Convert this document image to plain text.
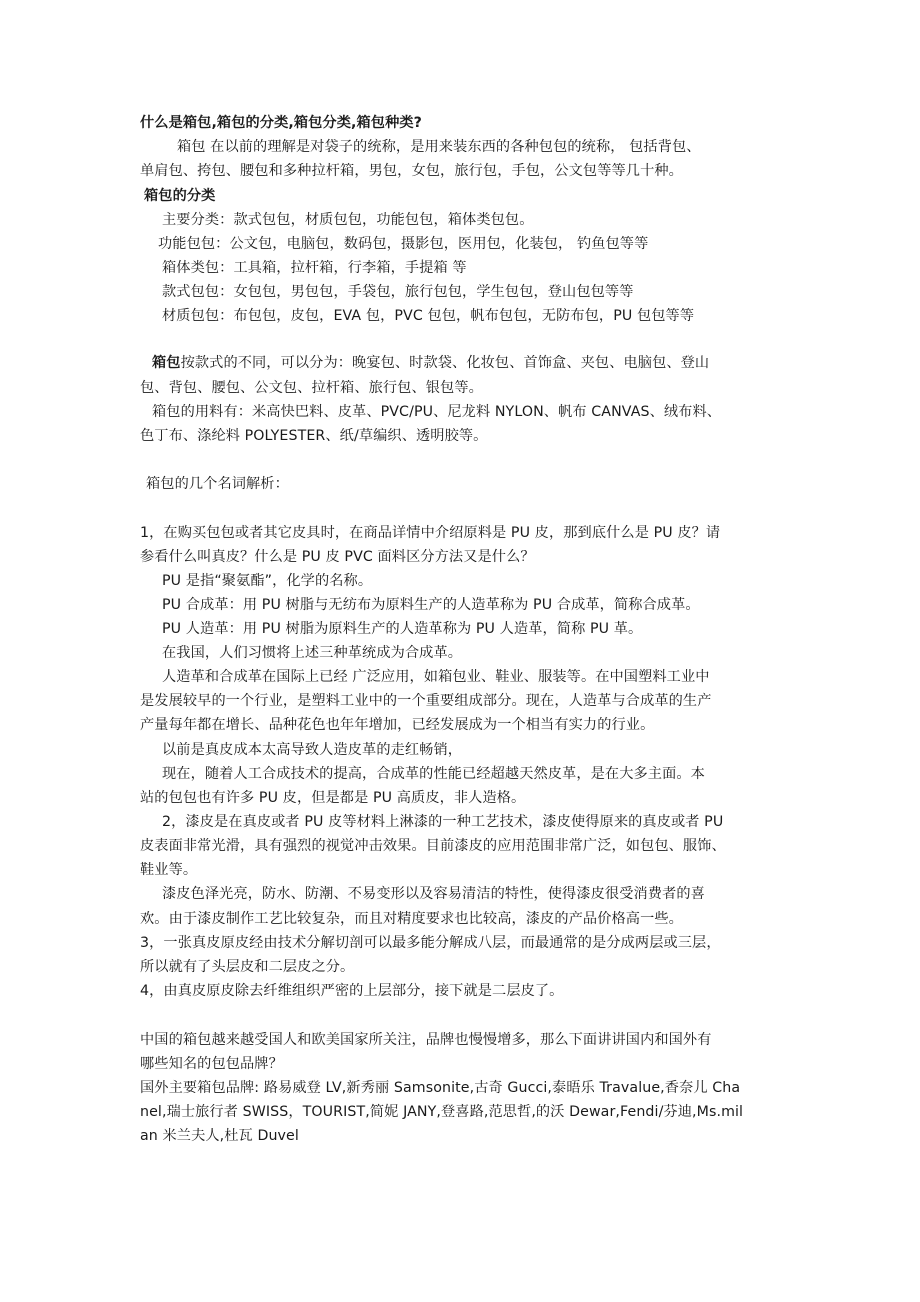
什么是箱包,箱包的分类,箱包分类,箱包种类?

箱包 在以前的理解是对袋子的统称，是用来装东西的各种包包的统称， 包括背包、

单肩包、挎包、腰包和多种拉杆箱，男包，女包，旅行包，手包，公文包等等几十种。

箱包的分类

主要分类：款式包包，材质包包，功能包包，箱体类包包。

功能包包：公文包，电脑包，数码包，摄影包，医用包，化装包， 钓鱼包等等

箱体类包：工具箱，拉杆箱，行李箱，手提箱 等

款式包包：女包包，男包包，手袋包，旅行包包，学生包包，登山包包等等

材质包包：布包包，皮包，EVA 包，PVC 包包，帆布包包，无防布包，PU 包包等等

箱包按款式的不同，可以分为：晚宴包、时款袋、化妆包、首饰盒、夹包、电脑包、登山

包、背包、腰包、公文包、拉杆箱、旅行包、银包等。

箱包的用料有：米高快巴料、皮革、PVC/PU、尼龙料 NYLON、帆布 CANVAS、绒布料、

色丁布、涤纶料 POLYESTER、纸/草编织、透明胶等。

箱包的几个名词解析：

1，在购买包包或者其它皮具时，在商品详情中介绍原料是 PU 皮，那到底什么是 PU 皮？请

参看什么叫真皮？什么是 PU 皮 PVC 面料区分方法又是什么？

PU 是指“聚氨酯”，化学的名称。

PU 合成革：用 PU 树脂与无纺布为原料生产的人造革称为 PU 合成革，简称合成革。

PU 人造革：用 PU 树脂为原料生产的人造革称为 PU 人造革，简称 PU 革。

在我国，人们习惯将上述三种革统成为合成革。

人造革和合成革在国际上已经 广泛应用，如箱包业、鞋业、服装等。在中国塑料工业中

是发展较早的一个行业，是塑料工业中的一个重要组成部分。现在，人造革与合成革的生产

产量每年都在增长、品种花色也年年增加，已经发展成为一个相当有实力的行业。

以前是真皮成本太高导致人造皮革的走红畅销，

现在，随着人工合成技术的提高，合成革的性能已经超越天然皮革，是在大多主面。本

站的包包也有许多 PU 皮，但是都是 PU 高质皮，非人造格。

2，漆皮是在真皮或者 PU 皮等材料上淋漆的一种工艺技术，漆皮使得原来的真皮或者 PU

皮表面非常光滑，具有强烈的视觉冲击效果。目前漆皮的应用范围非常广泛，如包包、服饰、

鞋业等。

漆皮色泽光亮，防水、防潮、不易变形以及容易清洁的特性，使得漆皮很受消费者的喜

欢。由于漆皮制作工艺比较复杂，而且对精度要求也比较高，漆皮的产品价格高一些。

3，一张真皮原皮经由技术分解切剖可以最多能分解成八层，而最通常的是分成两层或三层，

所以就有了头层皮和二层皮之分。

4，由真皮原皮除去纤维组织严密的上层部分，接下就是二层皮了。

中国的箱包越来越受国人和欧美国家所关注，品牌也慢慢增多，那么下面讲讲国内和国外有

哪些知名的包包品牌？

国外主要箱包品牌: 路易威登 LV,新秀丽 Samsonite,古奇 Gucci,泰晤乐 Travalue,香奈儿 Cha

nel,瑞士旅行者 SWISS，TOURIST,简妮 JANY,登喜路,范思哲,的沃 Dewar,Fendi/芬迪,Ms.mil

an 米兰夫人,杜瓦 Duvel
